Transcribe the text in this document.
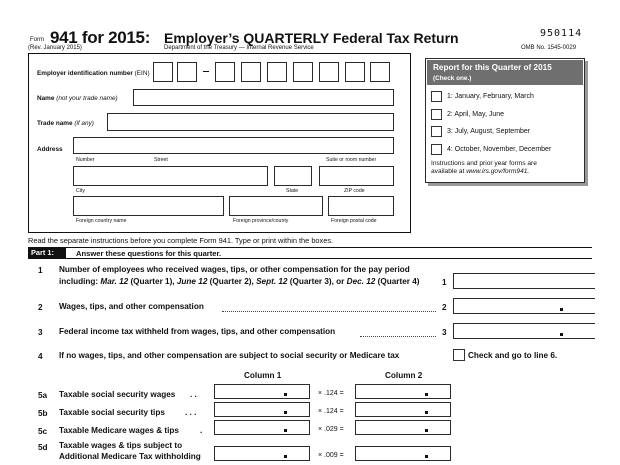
Form 941 for 2015: Employer’s QUARTERLY Federal Tax Return
(Rev. January 2015)	Department of the Treasury — Internal Revenue Service
950114
OMB No. 1545-0029
Employer identification number (EIN)
Name (not your trade name)
Trade name (if any)
Address
Number	Street	Suite or room number
City	State	ZIP code
Foreign country name	Foreign province/county	Foreign postal code
Report for this Quarter of 2015
(Check one.)
1: January, February, March
2: April, May, June
3: July, August, September
4: October, November, December
Instructions and prior year forms are
available at www.irs.gov/form941.
Read the separate instructions before you complete Form 941. Type or print within the boxes.
Part 1:	Answer these questions for this quarter.
1 Number of employees who received wages, tips, or other compensation for the pay period
including: Mar. 12 (Quarter 1), June 12 (Quarter 2), Sept. 12 (Quarter 3), or Dec. 12 (Quarter 4)	1
2 Wages, tips, and other compensation	2
3 Federal income tax withheld from wages, tips, and other compensation	3
4 If no wages, tips, and other compensation are subject to social security or Medicare tax	Check and go to line 6.
Column 1	Column 2
5a Taxable social security wages . .	× .124 =
5b Taxable social security tips . . .	× .124 =
5c Taxable Medicare wages & tips	.	× .029 =
5d Taxable wages & tips subject to
Additional Medicare Tax withholding	× .009 =
